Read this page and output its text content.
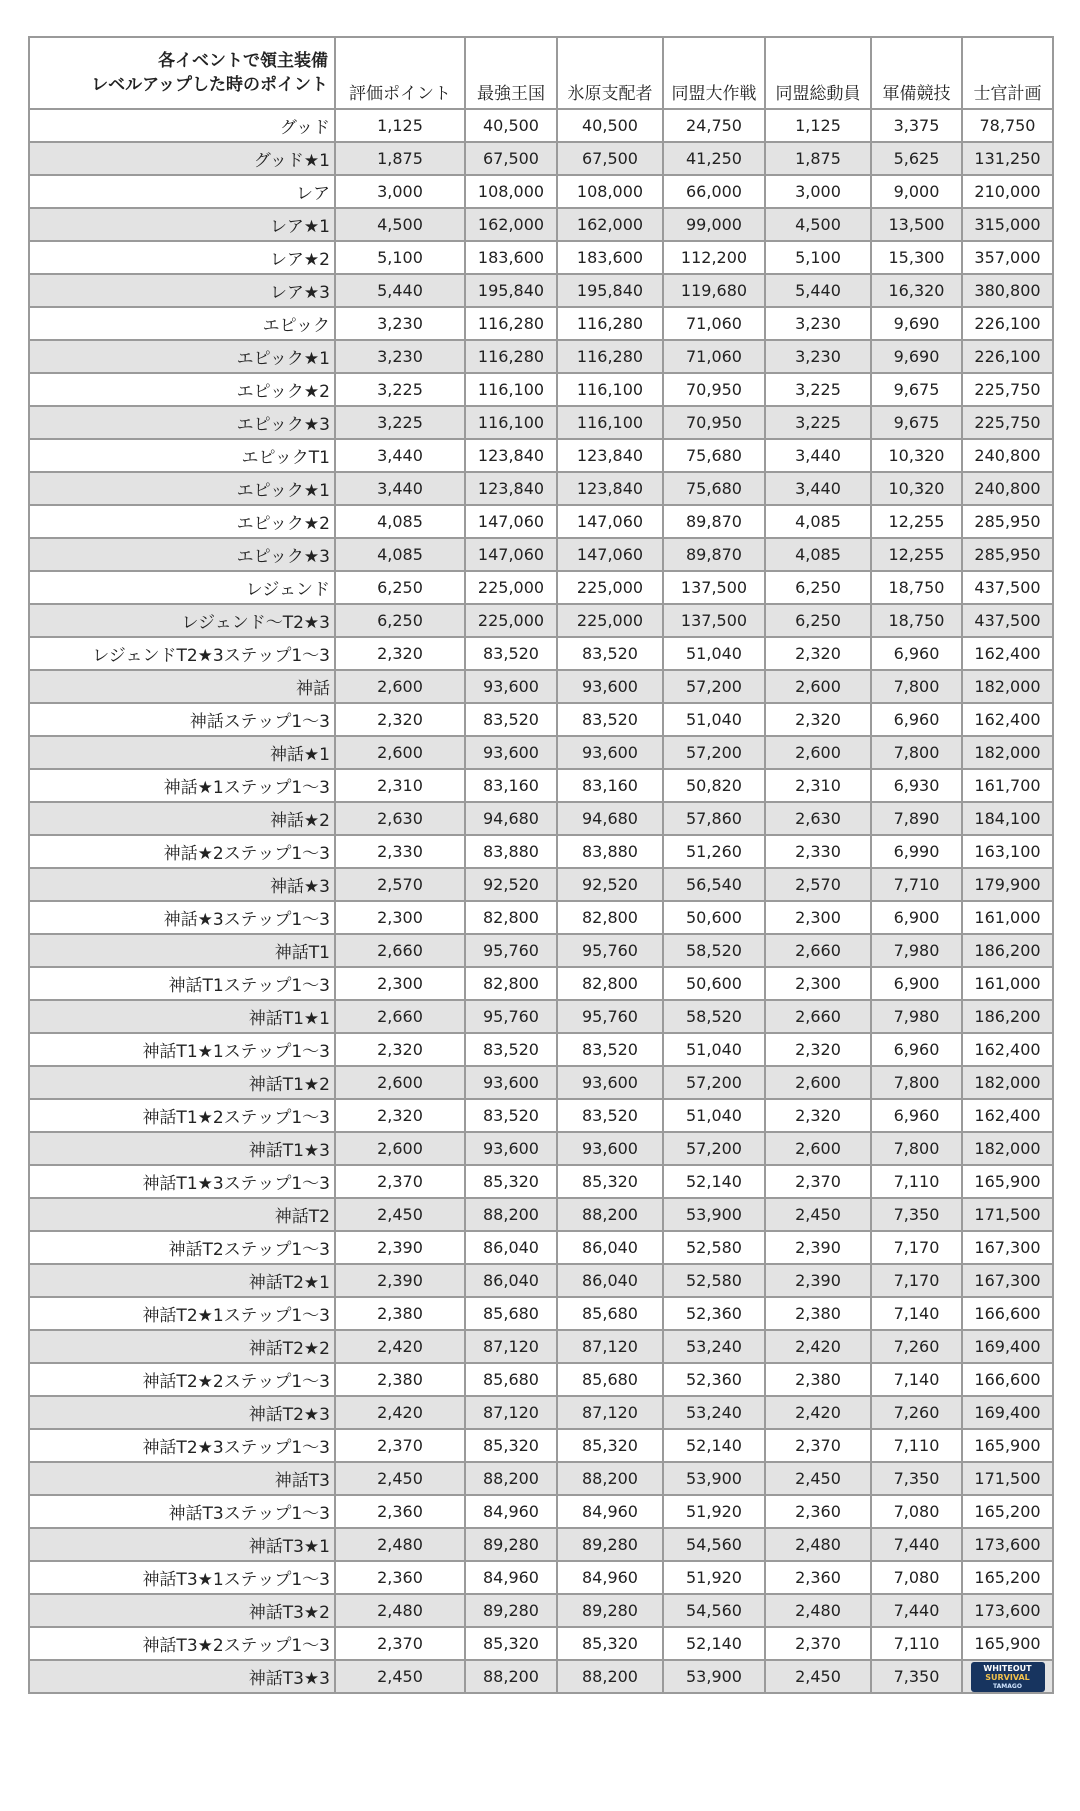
各イベントで領主装備
レベルアップした時のポイント	評価ポイント	最強王国	氷原支配者	同盟大作戦	同盟総動員	軍備競技	士官計画
グッド	1,125	40,500	40,500	24,750	1,125	3,375	78,750
グッド★1	1,875	67,500	67,500	41,250	1,875	5,625	131,250
レア	3,000	108,000	108,000	66,000	3,000	9,000	210,000
レア★1	4,500	162,000	162,000	99,000	4,500	13,500	315,000
レア★2	5,100	183,600	183,600	112,200	5,100	15,300	357,000
レア★3	5,440	195,840	195,840	119,680	5,440	16,320	380,800
エピック	3,230	116,280	116,280	71,060	3,230	9,690	226,100
エピック★1	3,230	116,280	116,280	71,060	3,230	9,690	226,100
エピック★2	3,225	116,100	116,100	70,950	3,225	9,675	225,750
エピック★3	3,225	116,100	116,100	70,950	3,225	9,675	225,750
エピックT1	3,440	123,840	123,840	75,680	3,440	10,320	240,800
エピック★1	3,440	123,840	123,840	75,680	3,440	10,320	240,800
エピック★2	4,085	147,060	147,060	89,870	4,085	12,255	285,950
エピック★3	4,085	147,060	147,060	89,870	4,085	12,255	285,950
レジェンド	6,250	225,000	225,000	137,500	6,250	18,750	437,500
レジェンド〜T2★3	6,250	225,000	225,000	137,500	6,250	18,750	437,500
レジェンドT2★3ステップ1〜3	2,320	83,520	83,520	51,040	2,320	6,960	162,400
神話	2,600	93,600	93,600	57,200	2,600	7,800	182,000
神話ステップ1〜3	2,320	83,520	83,520	51,040	2,320	6,960	162,400
神話★1	2,600	93,600	93,600	57,200	2,600	7,800	182,000
神話★1ステップ1〜3	2,310	83,160	83,160	50,820	2,310	6,930	161,700
神話★2	2,630	94,680	94,680	57,860	2,630	7,890	184,100
神話★2ステップ1〜3	2,330	83,880	83,880	51,260	2,330	6,990	163,100
神話★3	2,570	92,520	92,520	56,540	2,570	7,710	179,900
神話★3ステップ1〜3	2,300	82,800	82,800	50,600	2,300	6,900	161,000
神話T1	2,660	95,760	95,760	58,520	2,660	7,980	186,200
神話T1ステップ1〜3	2,300	82,800	82,800	50,600	2,300	6,900	161,000
神話T1★1	2,660	95,760	95,760	58,520	2,660	7,980	186,200
神話T1★1ステップ1〜3	2,320	83,520	83,520	51,040	2,320	6,960	162,400
神話T1★2	2,600	93,600	93,600	57,200	2,600	7,800	182,000
神話T1★2ステップ1〜3	2,320	83,520	83,520	51,040	2,320	6,960	162,400
神話T1★3	2,600	93,600	93,600	57,200	2,600	7,800	182,000
神話T1★3ステップ1〜3	2,370	85,320	85,320	52,140	2,370	7,110	165,900
神話T2	2,450	88,200	88,200	53,900	2,450	7,350	171,500
神話T2ステップ1〜3	2,390	86,040	86,040	52,580	2,390	7,170	167,300
神話T2★1	2,390	86,040	86,040	52,580	2,390	7,170	167,300
神話T2★1ステップ1〜3	2,380	85,680	85,680	52,360	2,380	7,140	166,600
神話T2★2	2,420	87,120	87,120	53,240	2,420	7,260	169,400
神話T2★2ステップ1〜3	2,380	85,680	85,680	52,360	2,380	7,140	166,600
神話T2★3	2,420	87,120	87,120	53,240	2,420	7,260	169,400
神話T2★3ステップ1〜3	2,370	85,320	85,320	52,140	2,370	7,110	165,900
神話T3	2,450	88,200	88,200	53,900	2,450	7,350	171,500
神話T3ステップ1〜3	2,360	84,960	84,960	51,920	2,360	7,080	165,200
神話T3★1	2,480	89,280	89,280	54,560	2,480	7,440	173,600
神話T3★1ステップ1〜3	2,360	84,960	84,960	51,920	2,360	7,080	165,200
神話T3★2	2,480	89,280	89,280	54,560	2,480	7,440	173,600
神話T3★2ステップ1〜3	2,370	85,320	85,320	52,140	2,370	7,110	165,900
神話T3★3	2,450	88,200	88,200	53,900	2,450	7,350	WHITEOUT
SURVIVAL
TAMAGO
